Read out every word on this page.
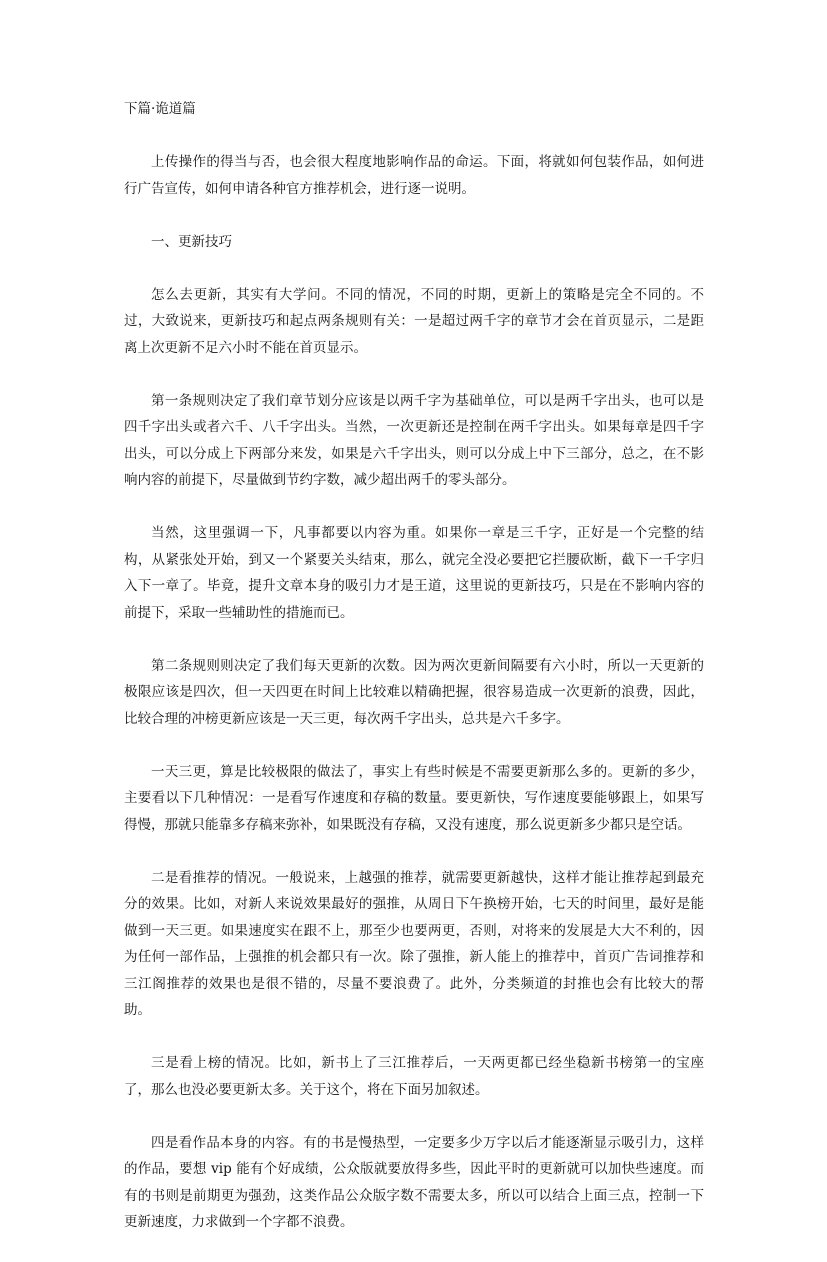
下篇·诡道篇

上传操作的得当与否，也会很大程度地影响作品的命运。下面，将就如何包装作品，如何进行广告宣传，如何申请各种官方推荐机会，进行逐一说明。

一、更新技巧

怎么去更新，其实有大学问。不同的情况，不同的时期，更新上的策略是完全不同的。不过，大致说来，更新技巧和起点两条规则有关：一是超过两千字的章节才会在首页显示，二是距离上次更新不足六小时不能在首页显示。

第一条规则决定了我们章节划分应该是以两千字为基础单位，可以是两千字出头，也可以是四千字出头或者六千、八千字出头。当然，一次更新还是控制在两千字出头。如果每章是四千字出头，可以分成上下两部分来发，如果是六千字出头，则可以分成上中下三部分，总之，在不影响内容的前提下，尽量做到节约字数，减少超出两千的零头部分。

当然，这里强调一下，凡事都要以内容为重。如果你一章是三千字，正好是一个完整的结构，从紧张处开始，到又一个紧要关头结束，那么，就完全没必要把它拦腰砍断，截下一千字归入下一章了。毕竟，提升文章本身的吸引力才是王道，这里说的更新技巧，只是在不影响内容的前提下，采取一些辅助性的措施而已。

第二条规则则决定了我们每天更新的次数。因为两次更新间隔要有六小时，所以一天更新的极限应该是四次，但一天四更在时间上比较难以精确把握，很容易造成一次更新的浪费，因此，比较合理的冲榜更新应该是一天三更，每次两千字出头，总共是六千多字。

一天三更，算是比较极限的做法了，事实上有些时候是不需要更新那么多的。更新的多少，主要看以下几种情况：一是看写作速度和存稿的数量。要更新快，写作速度要能够跟上，如果写得慢，那就只能靠多存稿来弥补，如果既没有存稿，又没有速度，那么说更新多少都只是空话。

二是看推荐的情况。一般说来，上越强的推荐，就需要更新越快，这样才能让推荐起到最充分的效果。比如，对新人来说效果最好的强推，从周日下午换榜开始，七天的时间里，最好是能做到一天三更。如果速度实在跟不上，那至少也要两更，否则，对将来的发展是大大不利的，因为任何一部作品，上强推的机会都只有一次。除了强推，新人能上的推荐中，首页广告词推荐和三江阁推荐的效果也是很不错的，尽量不要浪费了。此外，分类频道的封推也会有比较大的帮助。

三是看上榜的情况。比如，新书上了三江推荐后，一天两更都已经坐稳新书榜第一的宝座了，那么也没必要更新太多。关于这个，将在下面另加叙述。

四是看作品本身的内容。有的书是慢热型，一定要多少万字以后才能逐渐显示吸引力，这样的作品，要想 vip 能有个好成绩，公众版就要放得多些，因此平时的更新就可以加快些速度。而有的书则是前期更为强劲，这类作品公众版字数不需要太多，所以可以结合上面三点，控制一下更新速度，力求做到一个字都不浪费。
